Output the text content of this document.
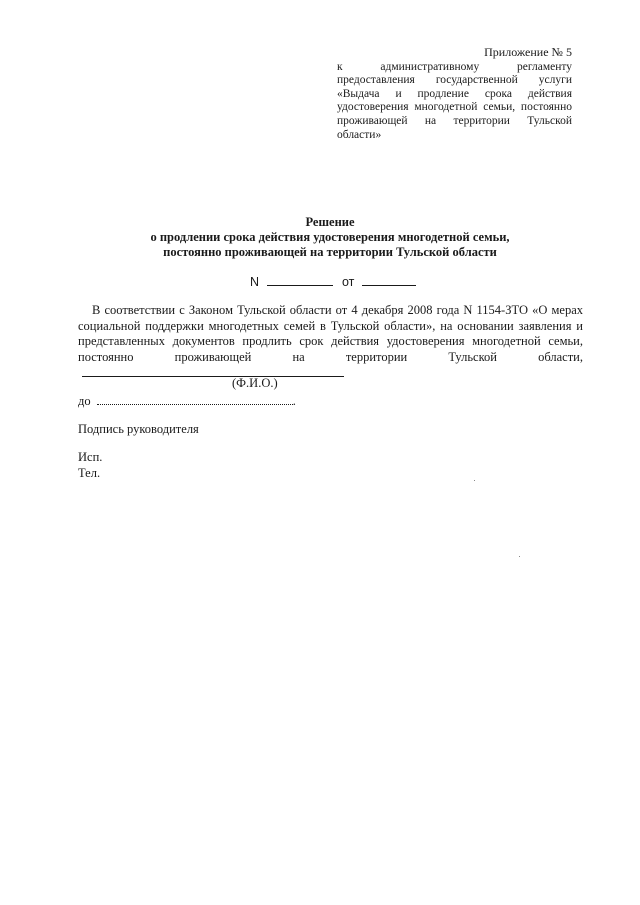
Приложение № 5
к административному регламенту предоставления государственной услуги «Выдача и продление срока действия удостоверения многодетной семьи, постоянно проживающей на территории Тульской области»
Решение
о продлении срока действия удостоверения многодетной семьи,
постоянно проживающей на территории Тульской области
N	от
В соответствии с Законом Тульской области от 4 декабря 2008 года N 1154-ЗТО «О мерах социальной поддержки многодетных семей в Тульской области», на основании заявления и представленных документов продлить срок действия удостоверения многодетной семьи, постоянно проживающей на территории Тульской области,
(Ф.И.О.)
до	.
Подпись руководителя
Исп.
Тел.
